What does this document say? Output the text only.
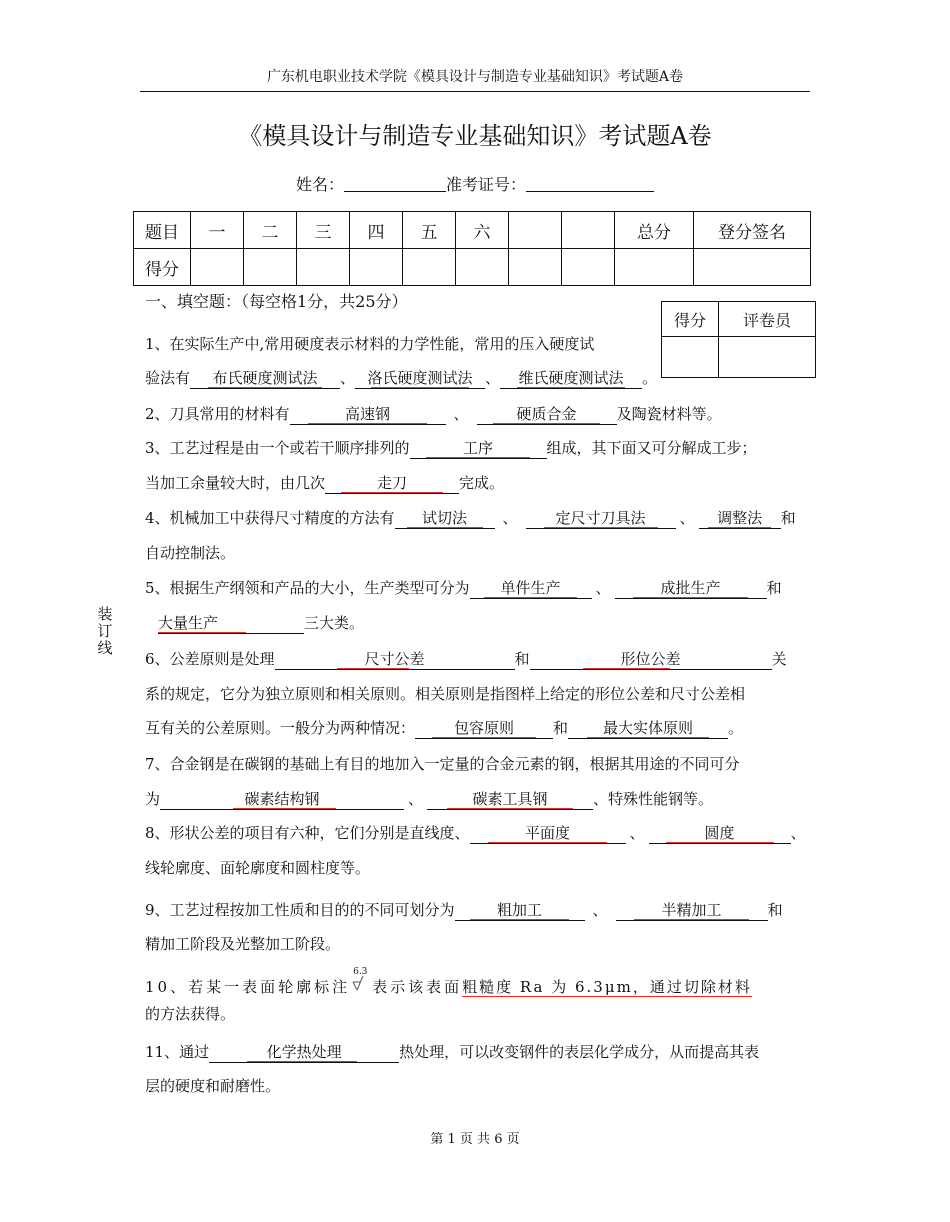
广东机电职业技术学院《模具设计与制造专业基础知识》考试题A卷
《模具设计与制造专业基础知识》考试题A卷
姓名：	准考证号：
题目	一	二	三	四	五	六			总分	登分签名
得分										
一、填空题：（每空格1分，共25分）
得分	评卷员

1、在实际生产中,常用硬度表示材料的力学性能，常用的压入硬度试
验法有 布氏硬度测试法 、 洛氏硬度测试法 、 维氏硬度测试法 。
2、刀具常用的材料有	高速钢	、	硬质合金	及陶瓷材料等。
3、工艺过程是由一个或若干顺序排列的	工序	组成，其下面又可分解成工步；
当加工余量较大时，由几次	走刀	完成。
4、机械加工中获得尺寸精度的方法有 试切法 、	定尺寸刀具法 、 调整法 和
自动控制法。
5、根据生产纲领和产品的大小，生产类型可分为 单件生产 、	成批生产	和
大量生产	三大类。
6、公差原则是处理	尺寸公差	和	形位公差	关
系的规定，它分为独立原则和相关原则。相关原则是指图样上给定的形位公差和尺寸公差相
互有关的公差原则。一般分为两种情况：	包容原则	和 最大实体原则 。
7、合金钢是在碳钢的基础上有目的地加入一定量的合金元素的钢，根据其用途的不同可分
为	碳素结构钢	、	碳素工具钢	、特殊性能钢等。
8、形状公差的项目有六种，它们分别是直线度、	平面度	、	圆度	、
线轮廓度、面轮廓度和圆柱度等。
9、工艺过程按加工性质和目的的不同可划分为	粗加工	、	半精加工	和
精加工阶段及光整加工阶段。
10、若某一表面轮廓标注
6.3
表示该表面粗糙度 Ra 为 6.3μm，通过切除材料
的方法获得。
11、通过	化学热处理	热处理，可以改变钢件的表层化学成分，从而提高其表
层的硬度和耐磨性。
装订线
第 1 页 共 6 页
